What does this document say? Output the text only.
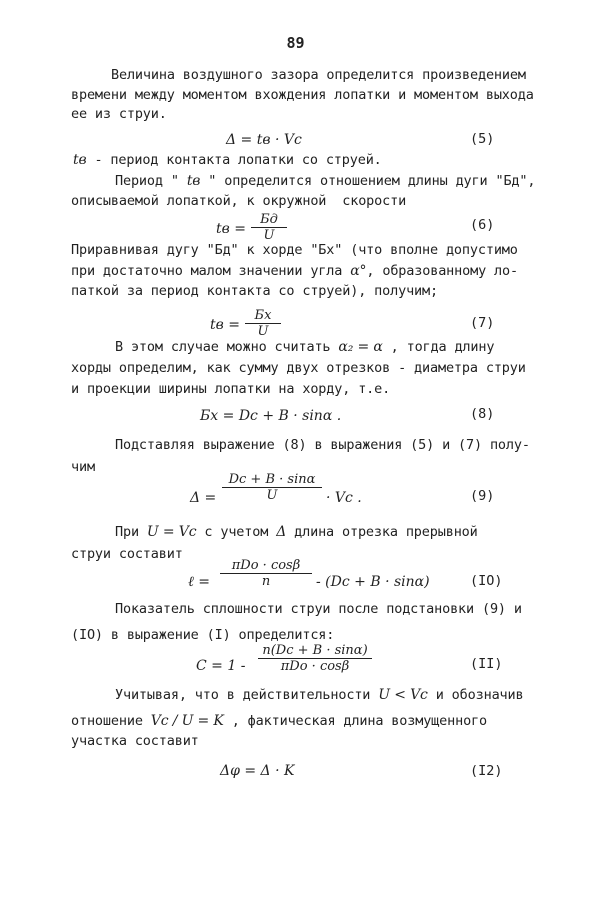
89
Величина воздушного зазора определится произведением
времени между моментом вхождения лопатки и моментом выхода
ее из струи.
Δ = tв · Vc	(5)
tв - период контакта лопатки со струей.
Период " tв " определится отношением длины дуги "Бд",
описываемой лопаткой, к окружной  скорости
tв =
Бд
U
(6)
Приравнивая дугу "Бд" к хорде "Бх" (что вполне допустимо
при достаточно малом значении угла α°, образованному ло-
паткой за период контакта со струей), получим;
tв =
Бх
U
(7)
В этом случае можно считать α₂ = α , тогда длину
хорды определим, как сумму двух отрезков - диаметра струи
и проекции ширины лопатки на хорду, т.е.
Бх = Dc + B · sinα .	(8)
Подставляя выражение (8) в выражения (5) и (7) полу-
чим
Δ =
Dc + B · sinα
U	· Vc .	(9)
При U = Vc с учетом Δ длина отрезка прерывной
струи составит
ℓ =
πDo · cosβ
n	- (Dc + B · sinα)	(IO)
Показатель сплошности струи после подстановки (9) и
(IO) в выражение (I) определится:
C = 1 -
n(Dc + B · sinα)
πDo · cosβ	(II)
Учитывая, что в действительности U < Vc и обозначив
отношение Vc / U = K , фактическая длина возмущенного
участка составит
Δφ = Δ · K	(I2)
